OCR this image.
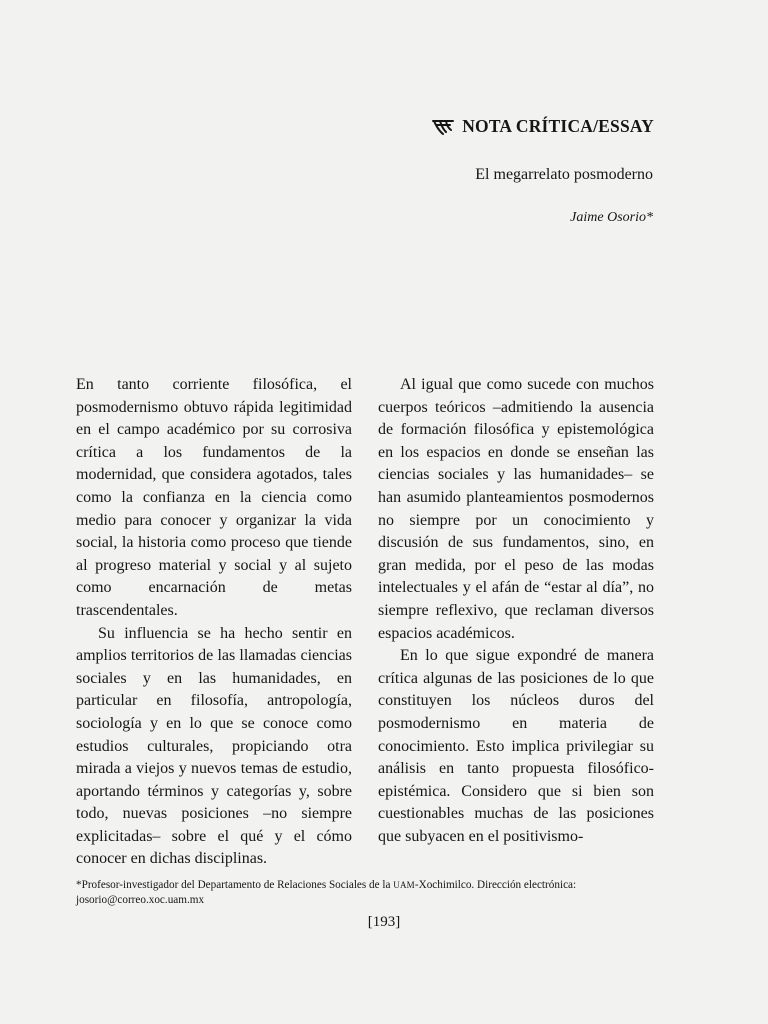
NOTA CRÍTICA/ESSAY
El megarrelato posmoderno
Jaime Osorio*

En tanto corriente filosófica, el posmodernismo obtuvo rápida legitimidad en el campo académico por su corrosiva crítica a los fundamentos de la modernidad, que considera agotados, tales como la confianza en la ciencia como medio para conocer y organizar la vida social, la historia como proceso que tiende al progreso material y social y al sujeto como encarnación de metas trascendentales.

Su influencia se ha hecho sentir en amplios territorios de las llamadas ciencias sociales y en las humanidades, en particular en filosofía, antropología, sociología y en lo que se conoce como estudios culturales, propiciando otra mirada a viejos y nuevos temas de estudio, aportando términos y categorías y, sobre todo, nuevas posiciones –no siempre explicitadas– sobre el qué y el cómo conocer en dichas disciplinas.

Al igual que como sucede con muchos cuerpos teóricos –admitiendo la ausencia de formación filosófica y epistemológica en los espacios en donde se enseñan las ciencias sociales y las humanidades– se han asumido planteamientos posmodernos no siempre por un conocimiento y discusión de sus fundamentos, sino, en gran medida, por el peso de las modas intelectuales y el afán de “estar al día”, no siempre reflexivo, que reclaman diversos espacios académicos.

En lo que sigue expondré de manera crítica algunas de las posiciones de lo que constituyen los núcleos duros del posmodernismo en materia de conocimiento. Esto implica privilegiar su análisis en tanto propuesta filosófico-epistémica. Considero que si bien son cuestionables muchas de las posiciones que subyacen en el positivismo-

*Profesor-investigador del Departamento de Relaciones Sociales de la UAM-Xochimilco. Dirección electrónica: josorio@correo.xoc.uam.mx
[193]
